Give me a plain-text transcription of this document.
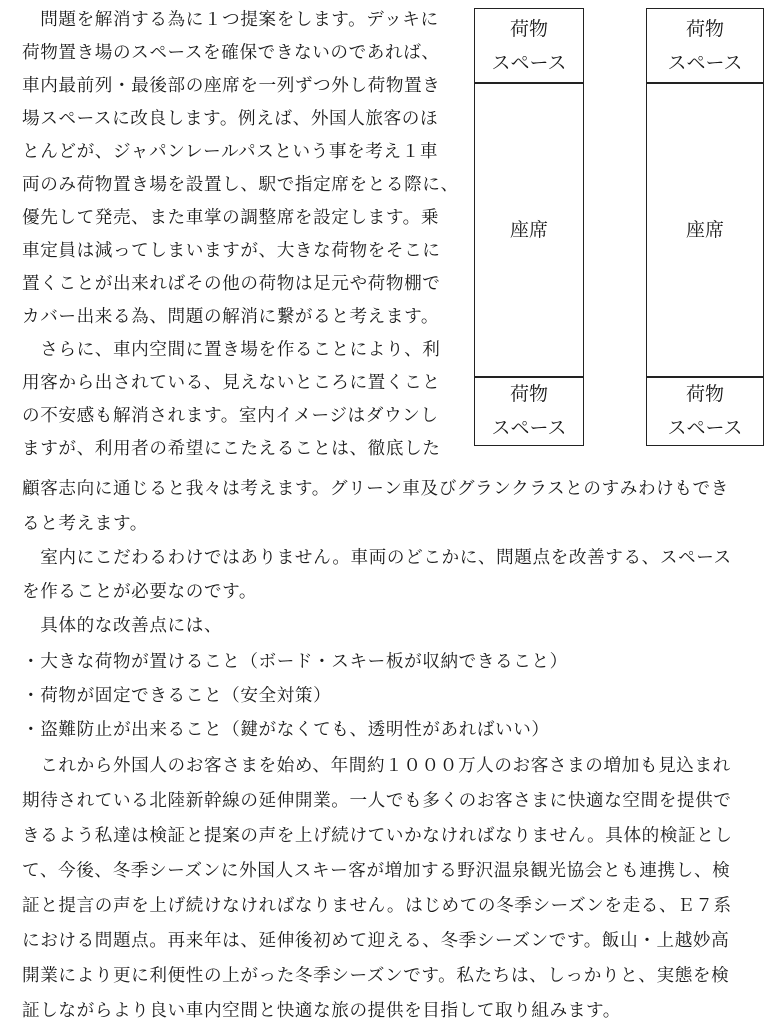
　問題を解消する為に１つ提案をします。デッキに
荷物置き場のスペースを確保できないのであれば、
車内最前列・最後部の座席を一列ずつ外し荷物置き
場スペースに改良します。例えば、外国人旅客のほ
とんどが、ジャパンレールパスという事を考え１車
両のみ荷物置き場を設置し、駅で指定席をとる際に、
優先して発売、また車掌の調整席を設定します。乗
車定員は減ってしまいますが、大きな荷物をそこに
置くことが出来ればその他の荷物は足元や荷物棚で
カバー出来る為、問題の解消に繋がると考えます。
　さらに、車内空間に置き場を作ることにより、利
用客から出されている、見えないところに置くこと
の不安感も解消されます。室内イメージはダウンし
ますが、利用者の希望にこたえることは、徹底した
顧客志向に通じると我々は考えます。グリーン車及びグランクラスとのすみわけもでき
ると考えます。
　室内にこだわるわけではありません。車両のどこかに、問題点を改善する、スペース
を作ることが必要なのです。
　具体的な改善点には、
・大きな荷物が置けること（ボード・スキー板が収納できること）
・荷物が固定できること（安全対策）
・盗難防止が出来ること（鍵がなくても、透明性があればいい）
　これから外国人のお客さまを始め、年間約１０００万人のお客さまの増加も見込まれ
期待されている北陸新幹線の延伸開業。一人でも多くのお客さまに快適な空間を提供で
きるよう私達は検証と提案の声を上げ続けていかなければなりません。具体的検証とし
て、今後、冬季シーズンに外国人スキー客が増加する野沢温泉観光協会とも連携し、検
証と提言の声を上げ続けなければなりません。はじめての冬季シーズンを走る、Ｅ７系
における問題点。再来年は、延伸後初めて迎える、冬季シーズンです。飯山・上越妙高
開業により更に利便性の上がった冬季シーズンです。私たちは、しっかりと、実態を検
証しながらより良い車内空間と快適な旅の提供を目指して取り組みます。
荷物
スペース
座席
荷物
スペース
荷物
スペース
座席
荷物
スペース
